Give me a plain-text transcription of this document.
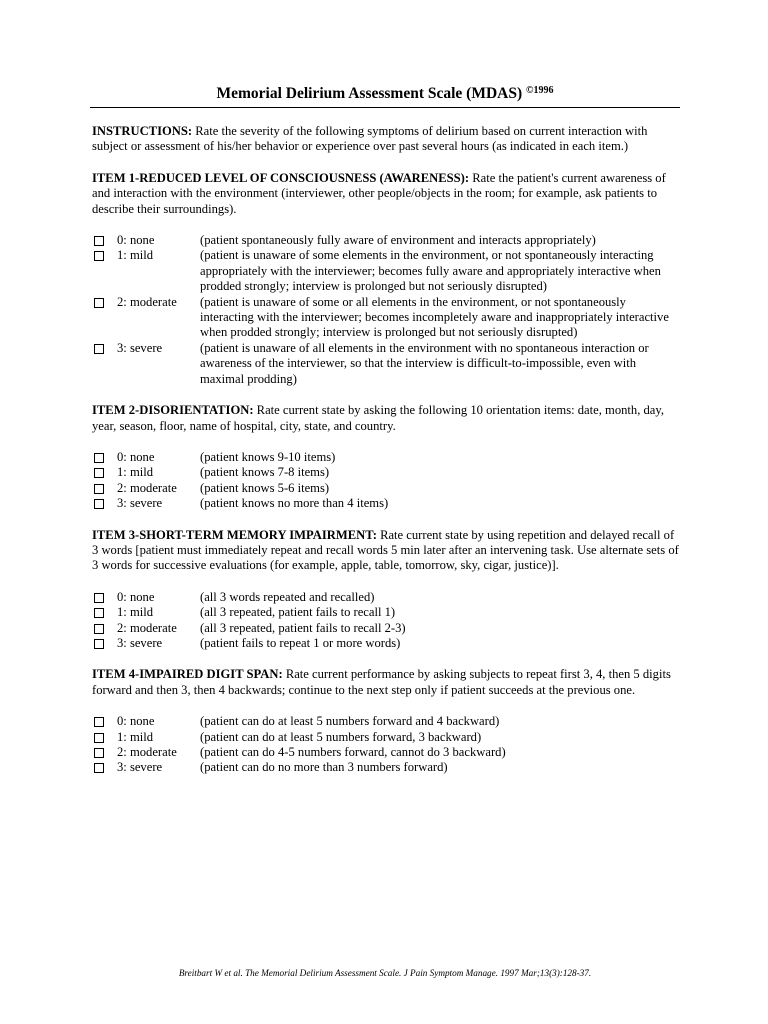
Memorial Delirium Assessment Scale (MDAS) $^{©1996}$

INSTRUCTIONS: Rate the severity of the following symptoms of delirium based on current interaction with subject or assessment of his/her behavior or experience over past several hours (as indicated in each item.)

ITEM 1-REDUCED LEVEL OF CONSCIOUSNESS (AWARENESS): Rate the patient's current awareness of and interaction with the environment (interviewer, other people/objects in the room; for example, ask patients to describe their surroundings).

0: none	(patient spontaneously fully aware of environment and interacts appropriately)
1: mild	(patient is unaware of some elements in the environment, or not spontaneously interacting appropriately with the interviewer; becomes fully aware and appropriately interactive when prodded strongly; interview is prolonged but not seriously disrupted)
2: moderate	(patient is unaware of some or all elements in the environment, or not spontaneously interacting with the interviewer; becomes incompletely aware and inappropriately interactive when prodded strongly; interview is prolonged but not seriously disrupted)
3: severe	(patient is unaware of all elements in the environment with no spontaneous interaction or awareness of the interviewer, so that the interview is difficult-to-impossible, even with maximal prodding)

ITEM 2-DISORIENTATION: Rate current state by asking the following 10 orientation items: date, month, day, year, season, floor, name of hospital, city, state, and country.

0: none	(patient knows 9-10 items)
1: mild	(patient knows 7-8 items)
2: moderate	(patient knows 5-6 items)
3: severe	(patient knows no more than 4 items)

ITEM 3-SHORT-TERM MEMORY IMPAIRMENT: Rate current state by using repetition and delayed recall of 3 words [patient must immediately repeat and recall words 5 min later after an intervening task. Use alternate sets of 3 words for successive evaluations (for example, apple, table, tomorrow, sky, cigar, justice)].

0: none	(all 3 words repeated and recalled)
1: mild	(all 3 repeated, patient fails to recall 1)
2: moderate	(all 3 repeated, patient fails to recall 2-3)
3: severe	(patient fails to repeat 1 or more words)

ITEM 4-IMPAIRED DIGIT SPAN: Rate current performance by asking subjects to repeat first 3, 4, then 5 digits forward and then 3, then 4 backwards; continue to the next step only if patient succeeds at the previous one.

0: none	(patient can do at least 5 numbers forward and 4 backward)
1: mild	(patient can do at least 5 numbers forward, 3 backward)
2: moderate	(patient can do 4-5 numbers forward, cannot do 3 backward)
3: severe	(patient can do no more than 3 numbers forward)
Breitbart W et al. The Memorial Delirium Assessment Scale. J Pain Symptom Manage. 1997 Mar;13(3):128-37.
